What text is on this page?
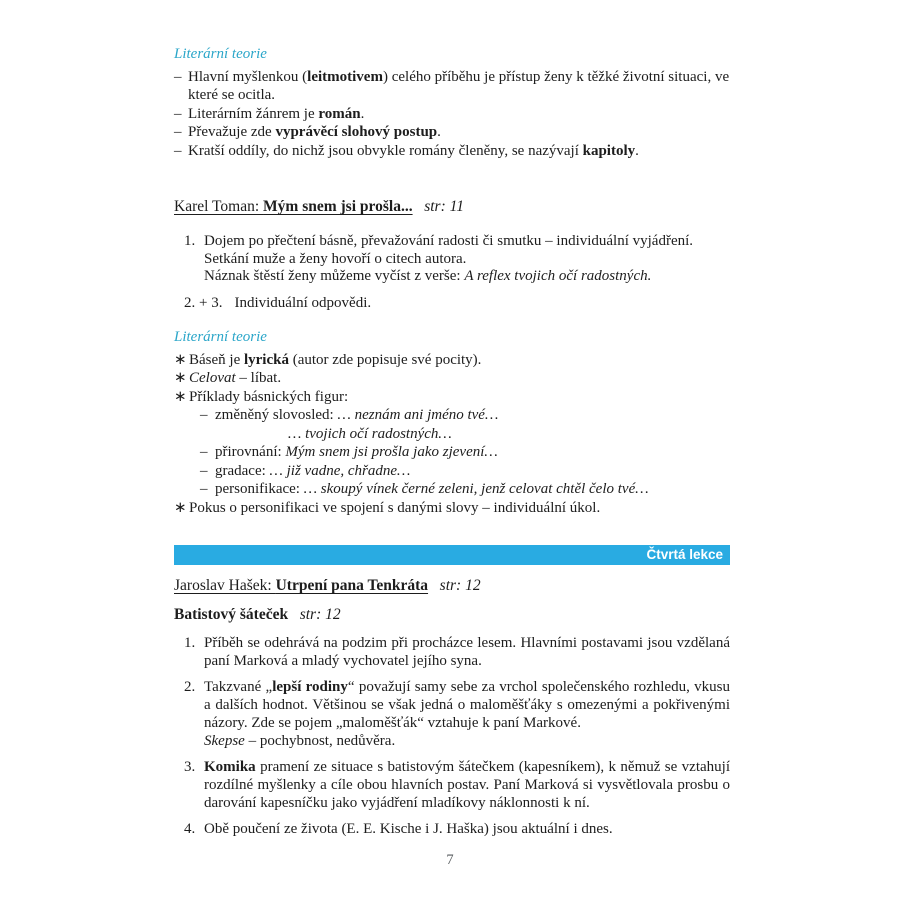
Literární teorie
– Hlavní myšlenkou (leitmotivem) celého příběhu je přístup ženy k těžké životní situaci, ve které se ocitla.
– Literárním žánrem je román.
– Převažuje zde vyprávěcí slohový postup.
– Kratší oddíly, do nichž jsou obvykle romány členěny, se nazývají kapitoly.
Karel Toman: Mým snem jsi prošla... str: 11
1. Dojem po přečtení básně, převažování radosti či smutku – individuální vyjádření.
Setkání muže a ženy hovoří o citech autora.
Náznak štěstí ženy můžeme vyčíst z verše: A reflex tvojich očí radostných.
2. + 3. Individuální odpovědi.
Literární teorie
∗ Báseň je lyrická (autor zde popisuje své pocity).
∗ Celovat – líbat.
∗ Příklady básnických figur:
– změněný slovosled: … neznám ani jméno tvé…
… tvojich očí radostných…
– přirovnání: Mým snem jsi prošla jako zjevení…
– gradace: … již vadne, chřadne…
– personifikace: … skoupý vínek černé zeleni, jenž celovat chtěl čelo tvé…
∗ Pokus o personifikaci ve spojení s danými slovy – individuální úkol.
Čtvrtá lekce
Jaroslav Hašek: Utrpení pana Tenkráta str: 12
Batistový šáteček str: 12
1. Příběh se odehrává na podzim při procházce lesem. Hlavními postavami jsou vzdělaná paní Marková a mladý vychovatel jejího syna.
2. Takzvané „lepší rodiny“ považují samy sebe za vrchol společenského rozhledu, vkusu a dalších hodnot. Většinou se však jedná o maloměšťáky s omezenými a pokřivenými názory. Zde se pojem „maloměšťák“ vztahuje k paní Markové.
Skepse – pochybnost, nedůvěra.
3. Komika pramení ze situace s batistovým šátečkem (kapesníkem), k němuž se vztahují rozdílné myšlenky a cíle obou hlavních postav. Paní Marková si vysvětlovala prosbu o darování kapesníčku jako vyjádření mladíkovy náklonnosti k ní.
4. Obě poučení ze života (E. E. Kische i J. Haška) jsou aktuální i dnes.
7
